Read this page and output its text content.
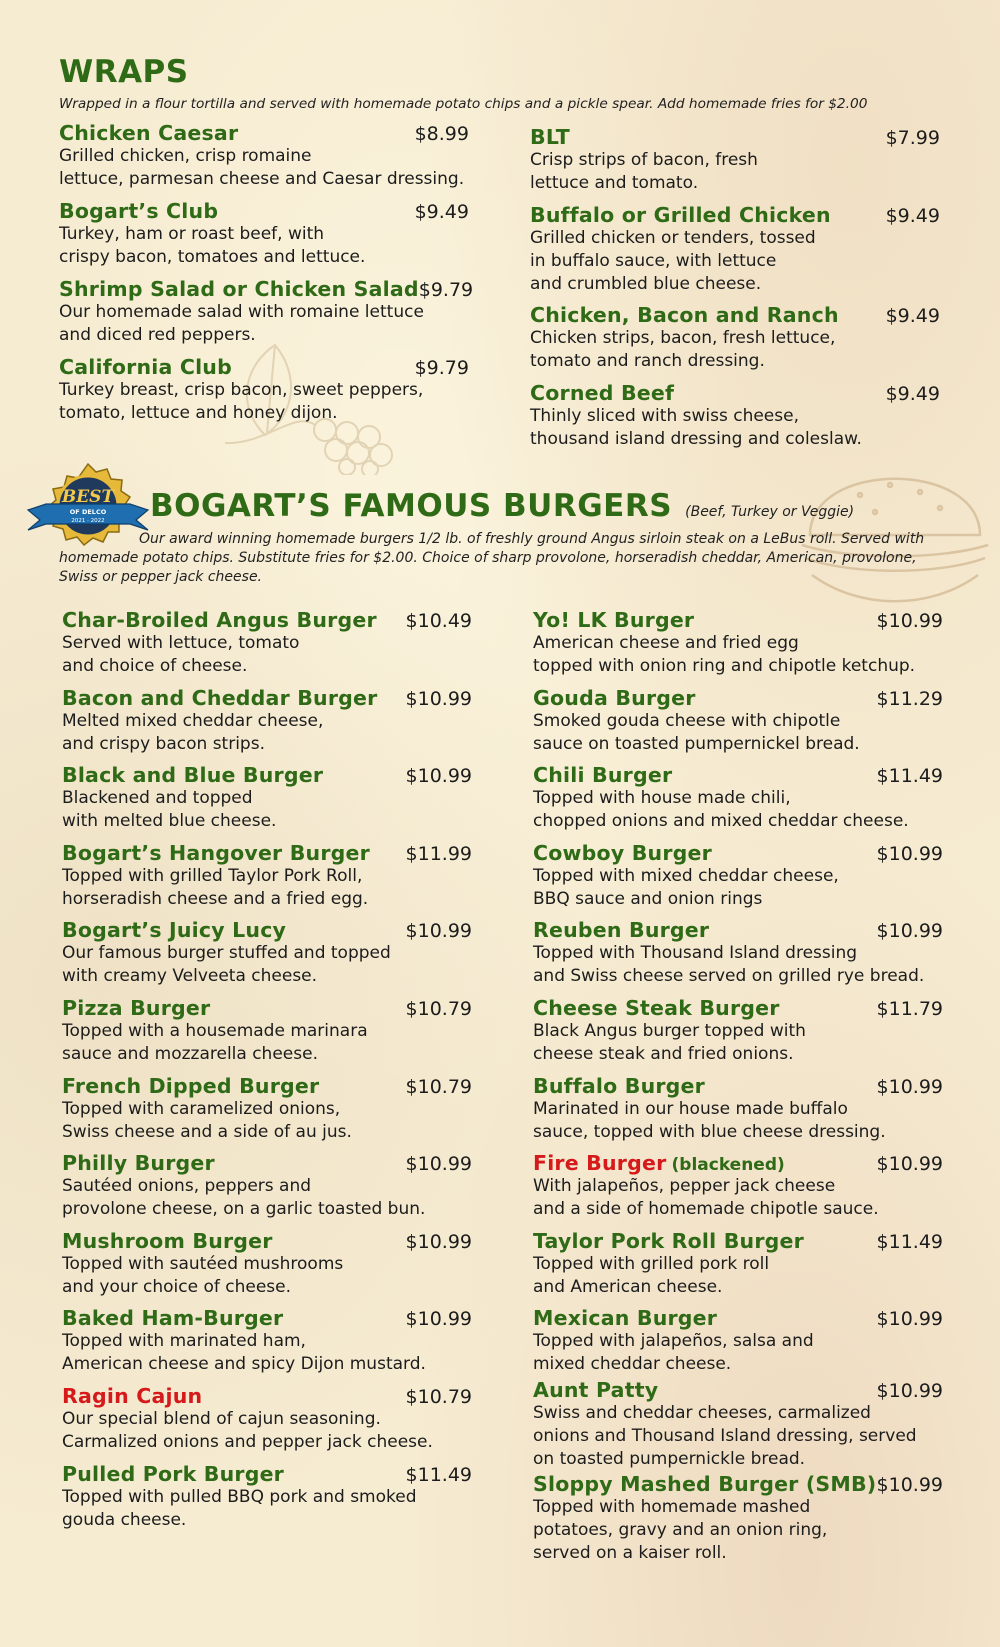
WRAPS

Wrapped in a flour tortilla and served with homemade potato chips and a pickle spear. Add homemade fries for $2.00

Chicken Caesar	$8.99
Grilled chicken, crisp romaine
lettuce, parmesan cheese and Caesar dressing.
Bogart’s Club	$9.49
Turkey, ham or roast beef, with
crispy bacon, tomatoes and lettuce.
Shrimp Salad or Chicken Salad $9.79
Our homemade salad with romaine lettuce
and diced red peppers.
California Club	$9.79
Turkey breast, crisp bacon, sweet peppers,
tomato, lettuce and honey dijon.
BLT	$7.99
Crisp strips of bacon, fresh
lettuce and tomato.
Buffalo or Grilled Chicken	$9.49
Grilled chicken or tenders, tossed
in buffalo sauce, with lettuce
and crumbled blue cheese.
Chicken, Bacon and Ranch $9.49
Chicken strips, bacon, fresh lettuce,
tomato and ranch dressing.
Corned Beef	$9.49
Thinly sliced with swiss cheese,
thousand island dressing and coleslaw.
BEST
OF DELCO
2021 · 2022 BOGART’S FAMOUS BURGERS (Beef, Turkey or Veggie)

Our award winning homemade burgers 1/2 lb. of freshly ground Angus sirloin steak on a LeBus roll. Served with homemade potato chips. Substitute fries for $2.00. Choice of sharp provolone, horseradish cheddar, American, provolone, Swiss or pepper jack cheese.

Char-Broiled Angus Burger $10.49
Served with lettuce, tomato
and choice of cheese.
Bacon and Cheddar Burger $10.99
Melted mixed cheddar cheese,
and crispy bacon strips.
Black and Blue Burger	$10.99
Blackened and topped
with melted blue cheese.
Bogart’s Hangover Burger $11.99
Topped with grilled Taylor Pork Roll,
horseradish cheese and a fried egg.
Bogart’s Juicy Lucy	$10.99
Our famous burger stuffed and topped
with creamy Velveeta cheese.
Pizza Burger	$10.79
Topped with a housemade marinara
sauce and mozzarella cheese.
French Dipped Burger	$10.79
Topped with caramelized onions,
Swiss cheese and a side of au jus.
Philly Burger	$10.99
Sautéed onions, peppers and
provolone cheese, on a garlic toasted bun.
Mushroom Burger	$10.99
Topped with sautéed mushrooms
and your choice of cheese.
Baked Ham-Burger	$10.99
Topped with marinated ham,
American cheese and spicy Dijon mustard.
Ragin Cajun	$10.79
Our special blend of cajun seasoning.
Carmalized onions and pepper jack cheese.
Pulled Pork Burger	$11.49
Topped with pulled BBQ pork and smoked
gouda cheese.
Yo! LK Burger	$10.99
American cheese and fried egg
topped with onion ring and chipotle ketchup.
Gouda Burger	$11.29
Smoked gouda cheese with chipotle
sauce on toasted pumpernickel bread.
Chili Burger	$11.49
Topped with house made chili,
chopped onions and mixed cheddar cheese.
Cowboy Burger	$10.99
Topped with mixed cheddar cheese,
BBQ sauce and onion rings
Reuben Burger	$10.99
Topped with Thousand Island dressing
and Swiss cheese served on grilled rye bread.
Cheese Steak Burger	$11.79
Black Angus burger topped with
cheese steak and fried onions.
Buffalo Burger	$10.99
Marinated in our house made buffalo
sauce, topped with blue cheese dressing.
Fire Burger (blackened)	$10.99
With jalapeños, pepper jack cheese
and a side of homemade chipotle sauce.
Taylor Pork Roll Burger	$11.49
Topped with grilled pork roll
and American cheese.
Mexican Burger	$10.99
Topped with jalapeños, salsa and
mixed cheddar cheese.
Aunt Patty	$10.99
Swiss and cheddar cheeses, carmalized
onions and Thousand Island dressing, served
on toasted pumpernickle bread.
Sloppy Mashed Burger (SMB) $10.99
Topped with homemade mashed
potatoes, gravy and an onion ring,
served on a kaiser roll.
